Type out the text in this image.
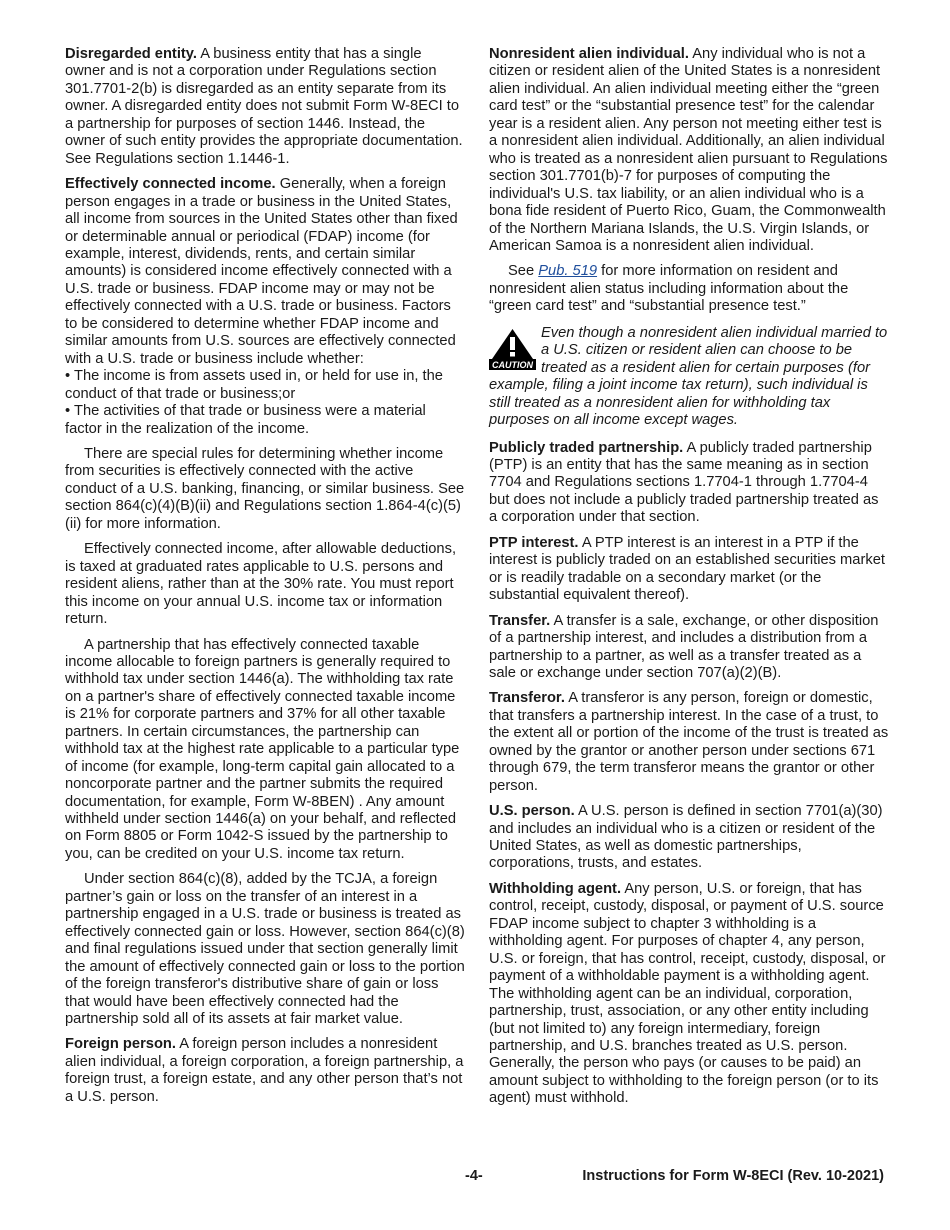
Disregarded entity. A business entity that has a single owner and is not a corporation under Regulations section 301.7701-2(b) is disregarded as an entity separate from its owner. A disregarded entity does not submit Form W-8ECI to a partnership for purposes of section 1446. Instead, the owner of such entity provides the appropriate documentation. See Regulations section 1.1446-1.

Effectively connected income. Generally, when a foreign person engages in a trade or business in the United States, all income from sources in the United States other than fixed or determinable annual or periodical (FDAP) income (for example, interest, dividends, rents, and certain similar amounts) is considered income effectively connected with a U.S. trade or business. FDAP income may or may not be effectively connected with a U.S. trade or business. Factors to be considered to determine whether FDAP income and similar amounts from U.S. sources are effectively connected with a U.S. trade or business include whether:

• The income is from assets used in, or held for use in, the conduct of that trade or business;or

• The activities of that trade or business were a material factor in the realization of the income.

There are special rules for determining whether income from securities is effectively connected with the active conduct of a U.S. banking, financing, or similar business. See section 864(c)(4)(B)(ii) and Regulations section 1.864-4(c)(5)(ii) for more information.

Effectively connected income, after allowable deductions, is taxed at graduated rates applicable to U.S. persons and resident aliens, rather than at the 30% rate. You must report this income on your annual U.S. income tax or information return.

A partnership that has effectively connected taxable income allocable to foreign partners is generally required to withhold tax under section 1446(a). The withholding tax rate on a partner's share of effectively connected taxable income is 21% for corporate partners and 37% for all other taxable partners. In certain circumstances, the partnership can withhold tax at the highest rate applicable to a particular type of income (for example, long-term capital gain allocated to a noncorporate partner and the partner submits the required documentation, for example, Form W-8BEN) . Any amount withheld under section 1446(a) on your behalf, and reflected on Form 8805 or Form 1042-S issued by the partnership to you, can be credited on your U.S. income tax return.

Under section 864(c)(8), added by the TCJA, a foreign partner’s gain or loss on the transfer of an interest in a partnership engaged in a U.S. trade or business is treated as effectively connected gain or loss. However, section 864(c)(8) and final regulations issued under that section generally limit the amount of effectively connected gain or loss to the portion of the foreign transferor's distributive share of gain or loss that would have been effectively connected had the partnership sold all of its assets at fair market value.

Foreign person. A foreign person includes a nonresident alien individual, a foreign corporation, a foreign partnership, a foreign trust, a foreign estate, and any other person that’s not a U.S. person.

Nonresident alien individual. Any individual who is not a citizen or resident alien of the United States is a nonresident alien individual. An alien individual meeting either the “green card test” or the “substantial presence test” for the calendar year is a resident alien. Any person not meeting either test is a nonresident alien individual. Additionally, an alien individual who is treated as a nonresident alien pursuant to Regulations section 301.7701(b)-7 for purposes of computing the individual's U.S. tax liability, or an alien individual who is a bona fide resident of Puerto Rico, Guam, the Commonwealth of the Northern Mariana Islands, the U.S. Virgin Islands, or American Samoa is a nonresident alien individual.

See Pub. 519 for more information on resident and nonresident alien status including information about the “green card test” and “substantial presence test.”

CAUTION
Even though a nonresident alien individual married to a U.S. citizen or resident alien can choose to be treated as a resident alien for certain purposes (for example, filing a joint income tax return), such individual is still treated as a nonresident alien for withholding tax purposes on all income except wages.

Publicly traded partnership. A publicly traded partnership (PTP) is an entity that has the same meaning as in section 7704 and Regulations sections 1.7704-1 through 1.7704-4 but does not include a publicly traded partnership treated as a corporation under that section.

PTP interest. A PTP interest is an interest in a PTP if the interest is publicly traded on an established securities market or is readily tradable on a secondary market (or the substantial equivalent thereof).

Transfer. A transfer is a sale, exchange, or other disposition of a partnership interest, and includes a distribution from a partnership to a partner, as well as a transfer treated as a sale or exchange under section 707(a)(2)(B).

Transferor. A transferor is any person, foreign or domestic, that transfers a partnership interest. In the case of a trust, to the extent all or portion of the income of the trust is treated as owned by the grantor or another person under sections 671 through 679, the term transferor means the grantor or other person.

U.S. person. A U.S. person is defined in section 7701(a)(30) and includes an individual who is a citizen or resident of the United States, as well as domestic partnerships, corporations, trusts, and estates.

Withholding agent. Any person, U.S. or foreign, that has control, receipt, custody, disposal, or payment of U.S. source FDAP income subject to chapter 3 withholding is a withholding agent. For purposes of chapter 4, any person, U.S. or foreign, that has control, receipt, custody, disposal, or payment of a withholdable payment is a withholding agent. The withholding agent can be an individual, corporation, partnership, trust, association, or any other entity including (but not limited to) any foreign intermediary, foreign partnership, and U.S. branches treated as U.S. person. Generally, the person who pays (or causes to be paid) an amount subject to withholding to the foreign person (or to its agent) must withhold.

-4-	Instructions for Form W-8ECI (Rev. 10-2021)
